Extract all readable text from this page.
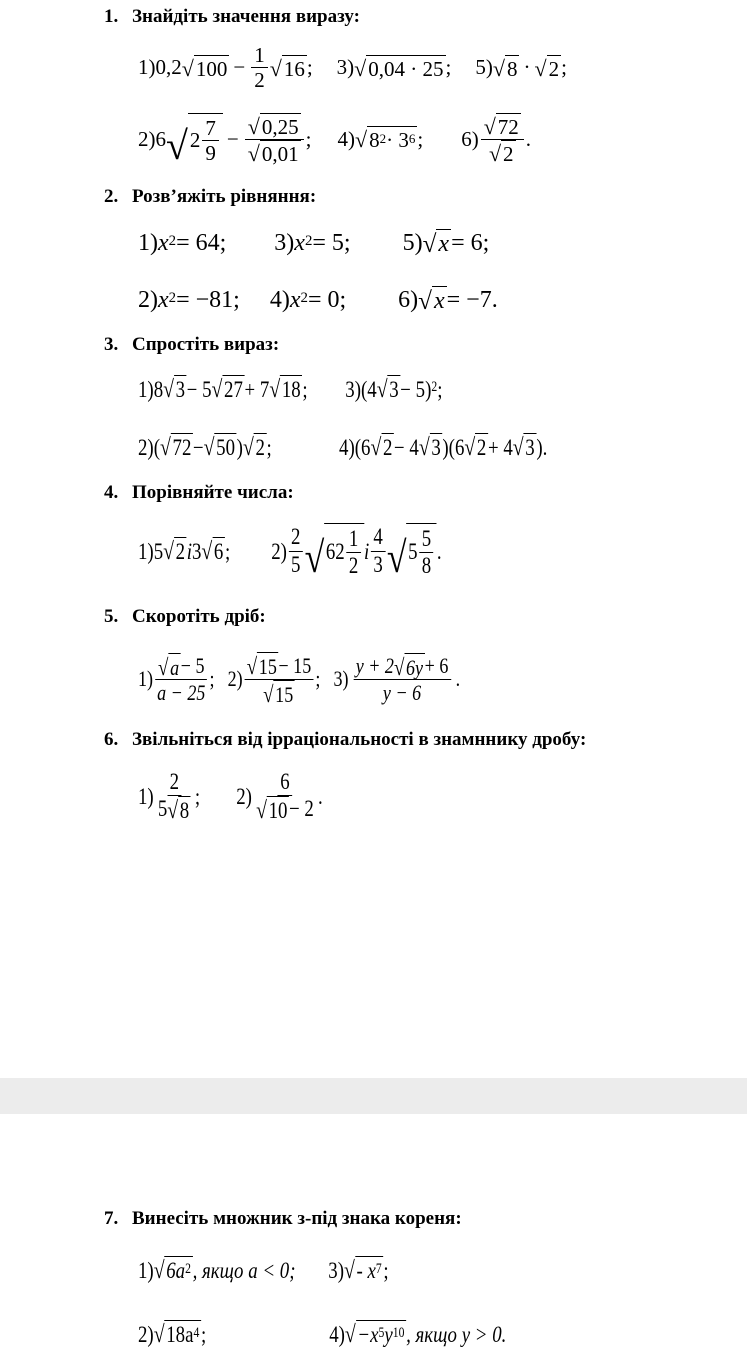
1. Знайдіть значення виразу:
1) 0,2 √ $100 - \frac{1}{2}$ √ 16 ; 3) √ 0,04 · 25 ; 5) √ 8 · √ 2 ;
2) 6 √ $2 \frac{7}{9} - \frac{√ 0,25}{√ 0,01}$ ; 4) √ $8^2 \cdot 3^6$ ; $6) \frac{√ 72}{√ 2}$ .
2. Розв’яжіть рівняння:
1) $x^2 = 64$; 3) $x^2 = 5$; 5) √ x = 6;
2) $x^2 = -81$; 4) $x^2 = 0$; 6) √ x = −7.
3. Спростіть вираз:
1) 8 √ 3 − 5 √ 27 + 7 √ 18 ; 3) (4 √ 3 − 5)$^2$ ;
2) ( √ 72 − √ 50 ) √ 2 ;	4) (6 √ 2 − 4 √ 3 )(6 √ 2 + 4 √ 3 ).
4. Порівняйте числа:
1) 5 √ 2 і 3 √ 6 ; $2) \frac{2}{5}$ √ $62 \frac{1}{2}$ і $\frac{4}{3}$ √ $5 \frac{5}{8}$ .
5. Скоротіть дріб:
$1) \frac{√ a - 5}{a - 25}$ ; $2) \frac{√ 15 - 15}{√ 15}$ ; $3) \frac{y + 2 √ 6y + 6}{y - 6}$ .
6. Звільніться від ірраціональності в знамннику дробу:
$1) \frac{2}{5 √ 8}$ ; $2) \frac{6}{√ 10 - 2}$ .
7. Винесіть множник з-під знака кореня:
1) √ $6a^2$ , якщо a < 0; 3) √ - $x^7$ ;
2) √ $18a^4$ ;	4) √ $-x^5$ $y^{10}$ , якщо y > 0.
